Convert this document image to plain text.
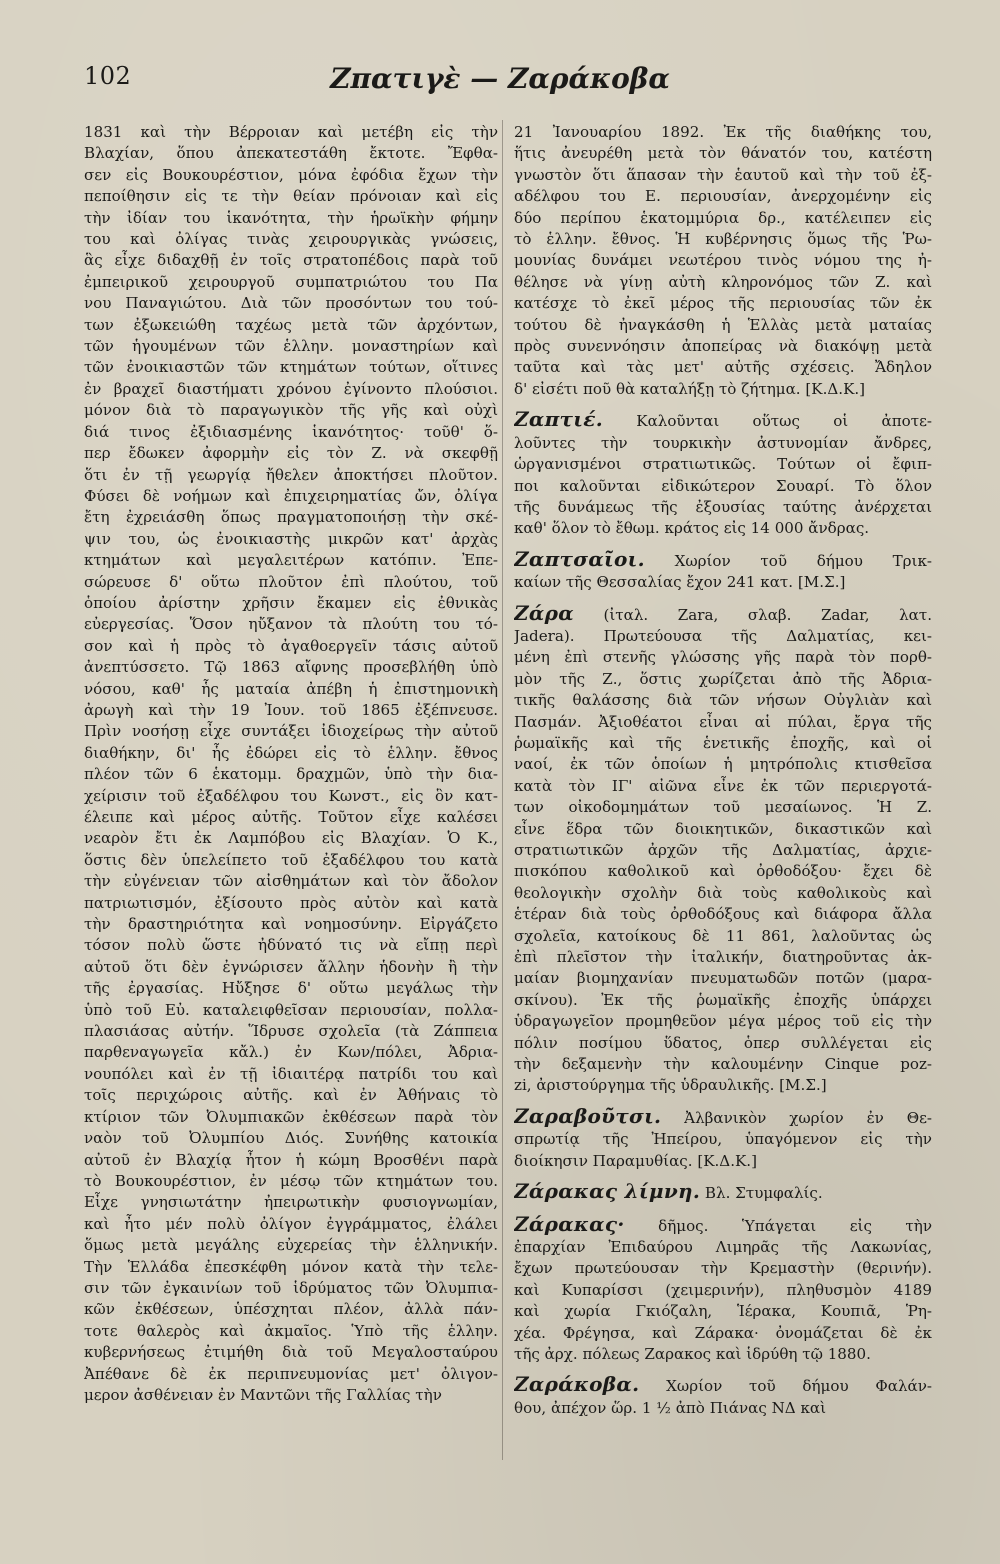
102	Ζπατιγὲ — Ζαράκοβα
1831 καὶ τὴν Βέρροιαν καὶ μετέβη εἰς τὴν
Βλαχίαν, ὅπου ἀπεκατεστάθη ἔκτοτε. Ἔφθα-
σεν εἰς Βουκουρέστιον, μόνα ἐφόδια ἔχων τὴν
πεποίθησιν εἰς τε τὴν θείαν πρόνοιαν καὶ εἰς
τὴν ἰδίαν του ἱκανότητα, τὴν ἡρωϊκὴν φήμην
του καὶ ὀλίγας τινὰς χειρουργικὰς γνώσεις,
ἃς εἶχε διδαχθῇ ἐν τοῖς στρατοπέδοις παρὰ τοῦ
ἐμπειρικοῦ χειρουργοῦ συμπατριώτου του Πα
νου Παναγιώτου. Διὰ τῶν προσόντων του τού-
των ἐξωκειώθη ταχέως μετὰ τῶν ἀρχόντων,
τῶν ἡγουμένων τῶν ἑλλην. μοναστηρίων καὶ
τῶν ἐνοικιαστῶν τῶν κτημάτων τούτων, οἵτινες
ἐν βραχεῖ διαστήματι χρόνου ἐγίνοντο πλούσιοι.
μόνον διὰ τὸ παραγωγικὸν τῆς γῆς καὶ οὐχὶ
διά τινος ἐξιδιασμένης ἱκανότητος· τοῦθ' ὅ-
περ ἔδωκεν ἀφορμὴν εἰς τὸν Ζ. νὰ σκεφθῇ
ὅτι ἐν τῇ γεωργίᾳ ἤθελεν ἀποκτήσει πλοῦτον.
Φύσει δὲ νοήμων καὶ ἐπιχειρηματίας ὤν, ὀλίγα
ἔτη ἐχρειάσθη ὅπως πραγματοποιήσῃ τὴν σκέ-
ψιν του, ὡς ἐνοικιαστὴς μικρῶν κατ' ἀρχὰς
κτημάτων καὶ μεγαλειτέρων κατόπιν. Ἐπε-
σώρευσε δ' οὕτω πλοῦτον ἐπὶ πλούτου, τοῦ
ὁποίου ἀρίστην χρῆσιν ἔκαμεν εἰς ἐθνικὰς
εὐεργεσίας. Ὅσον ηὔξανον τὰ πλούτη του τό-
σον καὶ ἡ πρὸς τὸ ἀγαθοεργεῖν τάσις αὐτοῦ
ἀνεπτύσσετο. Τῷ 1863 αἴφνης προσεβλήθη ὑπὸ
νόσου, καθ' ἧς ματαία ἀπέβη ἡ ἐπιστημονικὴ
ἀρωγὴ καὶ τὴν 19 Ἰουν. τοῦ 1865 ἐξέπνευσε.
Πρὶν νοσήσῃ εἶχε συντάξει ἰδιοχείρως τὴν αὐτοῦ
διαθήκην, δι' ἧς ἐδώρει εἰς τὸ ἑλλην. ἔθνος
πλέον τῶν 6 ἑκατομμ. δραχμῶν, ὑπὸ τὴν δια-
χείρισιν τοῦ ἐξαδέλφου του Κωνστ., εἰς ὃν κατ-
έλειπε καὶ μέρος αὐτῆς. Τοῦτον εἶχε καλέσει
νεαρὸν ἔτι ἐκ Λαμπόβου εἰς Βλαχίαν. Ὁ Κ.,
ὅστις δὲν ὑπελείπετο τοῦ ἐξαδέλφου του κατὰ
τὴν εὐγένειαν τῶν αἰσθημάτων καὶ τὸν ἄδολον
πατριωτισμόν, ἐξίσουτο πρὸς αὐτὸν καὶ κατὰ
τὴν δραστηριότητα καὶ νοημοσύνην. Εἰργάζετο
τόσον πολὺ ὥστε ἠδύνατό τις νὰ εἴπῃ περὶ
αὐτοῦ ὅτι δὲν ἐγνώρισεν ἄλλην ἡδονὴν ἢ τὴν
τῆς ἐργασίας. Ηὔξησε δ' οὕτω μεγάλως τὴν
ὑπὸ τοῦ Εὐ. καταλειφθεῖσαν περιουσίαν, πολλα-
πλασιάσας αὐτήν. Ἵδρυσε σχολεῖα (τὰ Ζάππεια
παρθεναγωγεῖα κἄλ.) ἐν Κων/πόλει, Ἀδρια-
νουπόλει καὶ ἐν τῇ ἰδιαιτέρᾳ πατρίδι του καὶ
τοῖς περιχώροις αὐτῆς. καὶ ἐν Ἀθήναις τὸ
κτίριον τῶν Ὀλυμπιακῶν ἐκθέσεων παρὰ τὸν
ναὸν τοῦ Ὀλυμπίου Διός. Συνήθης κατοικία
αὐτοῦ ἐν Βλαχίᾳ ἦτον ἡ κώμη Βροσθένι παρὰ
τὸ Βουκουρέστιον, ἐν μέσῳ τῶν κτημάτων του.
Εἶχε γνησιωτάτην ἠπειρωτικὴν φυσιογνωμίαν,
καὶ ἦτο μέν πολὺ ὀλίγον ἐγγράμματος, ἐλάλει
ὅμως μετὰ μεγάλης εὐχερείας τὴν ἑλληνικήν.
Τὴν Ἑλλάδα ἐπεσκέφθη μόνον κατὰ τὴν τελε-
σιν τῶν ἐγκαινίων τοῦ ἱδρύματος τῶν Ὀλυμπια-
κῶν ἐκθέσεων, ὑπέσχηται πλέον, ἀλλὰ πάν-
τοτε θαλερὸς καὶ ἀκμαῖος. Ὑπὸ τῆς ἑλλην.
κυβερνήσεως ἐτιμήθη διὰ τοῦ Μεγαλοσταύρου
Ἀπέθανε δὲ ἐκ περιπνευμονίας μετ' ὀλιγον-
μερον ἀσθένειαν ἐν Μαντῶνι τῆς Γαλλίας τὴν
21 Ἰανουαρίου 1892. Ἐκ τῆς διαθήκης του,
ἥτις ἀνευρέθη μετὰ τὸν θάνατόν του, κατέστη
γνωστὸν ὅτι ἅπασαν τὴν ἑαυτοῦ καὶ τὴν τοῦ ἐξ-
αδέλφου του Ε. περιουσίαν, ἀνερχομένην εἰς
δύο περίπου ἑκατομμύρια δρ., κατέλειπεν εἰς
τὸ ἑλλην. ἔθνος. Ἡ κυβέρνησις ὅμως τῆς Ῥω-
μουνίας δυνάμει νεωτέρου τινὸς νόμου της ἠ-
θέλησε νὰ γίνῃ αὐτὴ κληρονόμος τῶν Ζ. καὶ
κατέσχε τὸ ἐκεῖ μέρος τῆς περιουσίας τῶν ἐκ
τούτου δὲ ἠναγκάσθη ἡ Ἑλλὰς μετὰ ματαίας
πρὸς συνεννόησιν ἀποπείρας νὰ διακόψῃ μετὰ
ταῦτα καὶ τὰς μετ' αὐτῆς σχέσεις. Ἄδηλον
δ' εἰσέτι ποῦ θὰ καταλήξῃ τὸ ζήτημα. [Κ.Δ.Κ.]
Ζαπτιέ. Καλοῦνται οὕτως οἱ ἀποτε-
λοῦντες τὴν τουρκικὴν ἀστυνομίαν ἄνδρες,
ὡργανισμένοι στρατιωτικῶς. Τούτων οἱ ἔφιπ-
ποι καλοῦνται εἰδικώτερον Σουαρί. Τὸ ὅλον
τῆς δυνάμεως τῆς ἐξουσίας ταύτης ἀνέρχεται
καθ' ὅλον τὸ ἔθωμ. κράτος εἰς 14 000 ἄνδρας.
Ζαπτσαῖοι. Χωρίον τοῦ δήμου Τρικ-
καίων τῆς Θεσσαλίας ἔχον 241 κατ. [Μ.Σ.]
Ζάρα (ἰταλ. Zara, σλαβ. Zadar, λατ.
Jadera). Πρωτεύουσα τῆς Δαλματίας, κει-
μένη ἐπὶ στενῆς γλώσσης γῆς παρὰ τὸν πορθ-
μὸν τῆς Ζ., ὅστις χωρίζεται ἀπὸ τῆς Ἀδρια-
τικῆς θαλάσσης διὰ τῶν νήσων Οὐγλιὰν καὶ
Πασμάν. Ἀξιοθέατοι εἶναι αἱ πύλαι, ἔργα τῆς
ῥωμαϊκῆς καὶ τῆς ἑνετικῆς ἐποχῆς, καὶ οἱ
ναοί, ἐκ τῶν ὁποίων ἡ μητρόπολις κτισθεῖσα
κατὰ τὸν ΙΓ' αἰῶνα εἶνε ἐκ τῶν περιεργοτά-
των οἰκοδομημάτων τοῦ μεσαίωνος. Ἡ Ζ.
εἶνε ἕδρα τῶν διοικητικῶν, δικαστικῶν καὶ
στρατιωτικῶν ἀρχῶν τῆς Δαλματίας, ἀρχιε-
πισκόπου καθολικοῦ καὶ ὀρθοδόξου· ἔχει δὲ
θεολογικὴν σχολὴν διὰ τοὺς καθολικοὺς καὶ
ἑτέραν διὰ τοὺς ὀρθοδόξους καὶ διάφορα ἄλλα
σχολεῖα, κατοίκους δὲ 11 861, λαλοῦντας ὡς
ἐπὶ πλεῖστον τὴν ἰταλικήν, διατηροῦντας ἀκ-
μαίαν βιομηχανίαν πνευματωδῶν ποτῶν (μαρα-
σκίνου). Ἐκ τῆς ῥωμαϊκῆς ἐποχῆς ὑπάρχει
ὑδραγωγεῖον προμηθεῦον μέγα μέρος τοῦ εἰς τὴν
πόλιν ποσίμου ὕδατος, ὁπερ συλλέγεται εἰς
τὴν δεξαμενὴν τὴν καλουμένην Cinque poz-
zi, ἀριστούργημα τῆς ὑδραυλικῆς. [Μ.Σ.]
Ζαραβοῦτσι. Ἀλβανικὸν χωρίον ἐν Θε-
σπρωτίᾳ τῆς Ἠπείρου, ὑπαγόμενον εἰς τὴν
διοίκησιν Παραμυθίας. [Κ.Δ.Κ.]
Ζάρακας λίμνη. Βλ. Στυμφαλίς.
Ζάρακας· δῆμος. Ὑπάγεται εἰς τὴν
ἐπαρχίαν Ἐπιδαύρου Λιμηρᾶς τῆς Λακωνίας,
ἔχων πρωτεύουσαν τὴν Κρεμαστὴν (θερινήν).
καὶ Κυπαρίσσι (χειμερινήν), πληθυσμὸν 4189
καὶ χωρία Γκιόζαλη, Ἱέρακα, Κουπιᾶ, Ῥη-
χέα. Φρέγησα, καὶ Ζάρακα· ὀνομάζεται δὲ ἐκ
τῆς ἀρχ. πόλεως Ζαρακος καὶ ἱδρύθη τῷ 1880.
Ζαράκοβα. Χωρίον τοῦ δήμου Φαλάν-
θου, ἀπέχον ὥρ. 1 ½ ἀπὸ Πιάνας ΝΔ καὶ
